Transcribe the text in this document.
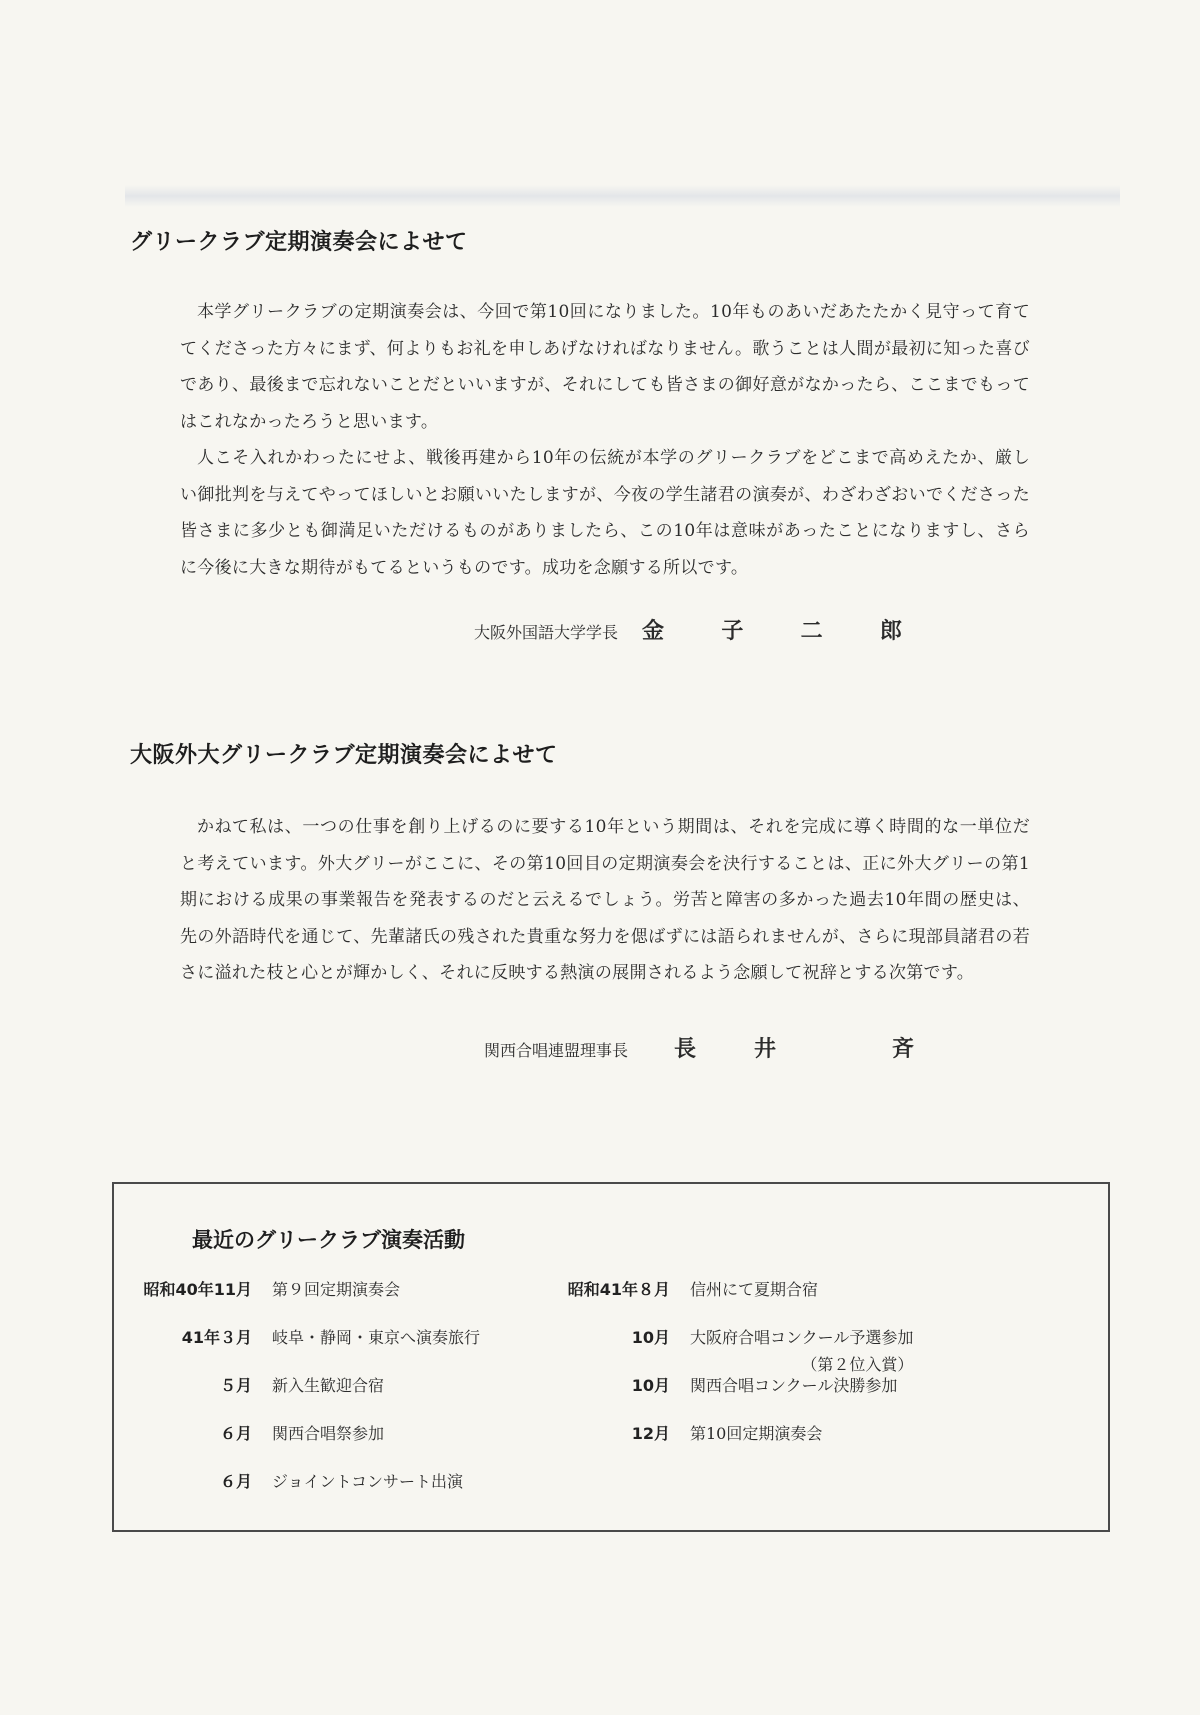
グリークラブ定期演奏会によせて

本学グリークラブの定期演奏会は、今回で第10回になりました。10年ものあいだあたたかく見守って育ててくださった方々にまず、何よりもお礼を申しあげなければなりません。歌うことは人間が最初に知った喜びであり、最後まで忘れないことだといいますが、それにしても皆さまの御好意がなかったら、ここまでもってはこれなかったろうと思います。

人こそ入れかわったにせよ、戦後再建から10年の伝統が本学のグリークラブをどこまで高めえたか、厳しい御批判を与えてやってほしいとお願いいたしますが、今夜の学生諸君の演奏が、わざわざおいでくださった皆さまに多少とも御満足いただけるものがありましたら、この10年は意味があったことになりますし、さらに今後に大きな期待がもてるというものです。成功を念願する所以です。

大阪外国語大学学長 金	子	二	郎
大阪外大グリークラブ定期演奏会によせて

かねて私は、一つの仕事を創り上げるのに要する10年という期間は、それを完成に導く時間的な一単位だと考えています。外大グリーがここに、その第10回目の定期演奏会を決行することは、正に外大グリーの第1期における成果の事業報告を発表するのだと云えるでしょう。労苦と障害の多かった過去10年間の歴史は、先の外語時代を通じて、先輩諸氏の残された貴重な努力を偲ばずには語られませんが、さらに現部員諸君の若さに溢れた枝と心とが輝かしく、それに反映する熱演の展開されるよう念願して祝辞とする次第です。

関西合唱連盟理事長 長	井	斉
最近のグリークラブ演奏活動
昭和40年11月	第９回定期演奏会
41年３月	岐阜・静岡・東京へ演奏旅行
５月	新入生歓迎合宿
６月	関西合唱祭参加
６月	ジョイントコンサート出演
昭和41年８月	信州にて夏期合宿
10月	大阪府合唱コンクール予選参加
（第２位入賞）
10月	関西合唱コンクール決勝参加
12月	第10回定期演奏会
